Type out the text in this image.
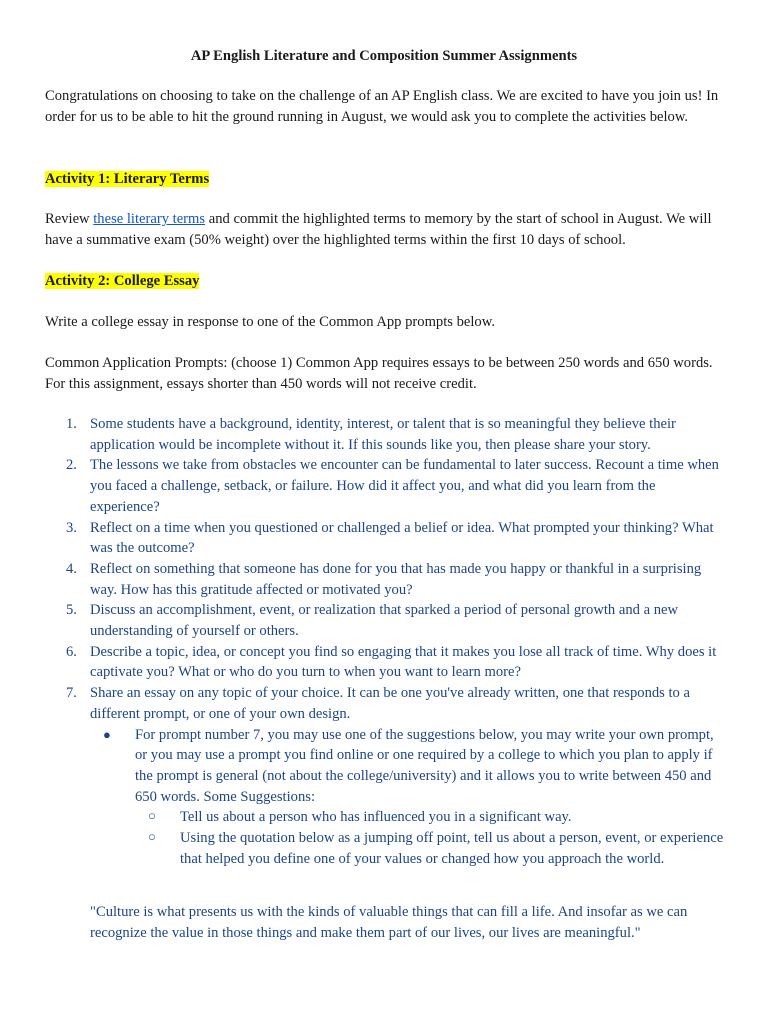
AP English Literature and Composition Summer Assignments

Congratulations on choosing to take on the challenge of an AP English class. We are excited to have you join us! In order for us to be able to hit the ground running in August, we would ask you to complete the activities below.

Activity 1: Literary Terms

Review these literary terms and commit the highlighted terms to memory by the start of school in August. We will have a summative exam (50% weight) over the highlighted terms within the first 10 days of school.

Activity 2: College Essay

Write a college essay in response to one of the Common App prompts below.

Common Application Prompts: (choose 1) Common App requires essays to be between 250 words and 650 words. For this assignment, essays shorter than 450 words will not receive credit.

1. Some students have a background, identity, interest, or talent that is so meaningful they believe their application would be incomplete without it. If this sounds like you, then please share your story.
2. The lessons we take from obstacles we encounter can be fundamental to later success. Recount a time when you faced a challenge, setback, or failure. How did it affect you, and what did you learn from the experience?
3. Reflect on a time when you questioned or challenged a belief or idea. What prompted your thinking? What was the outcome?
4. Reflect on something that someone has done for you that has made you happy or thankful in a surprising way. How has this gratitude affected or motivated you?
5. Discuss an accomplishment, event, or realization that sparked a period of personal growth and a new understanding of yourself or others.
6. Describe a topic, idea, or concept you find so engaging that it makes you lose all track of time. Why does it captivate you? What or who do you turn to when you want to learn more?
7. Share an essay on any topic of your choice. It can be one you've already written, one that responds to a different prompt, or one of your own design.
● For prompt number 7, you may use one of the suggestions below, you may write your own prompt, or you may use a prompt you find online or one required by a college to which you plan to apply if the prompt is general (not about the college/university) and it allows you to write between 450 and 650 words. Some Suggestions:
○ Tell us about a person who has influenced you in a significant way.
○ Using the quotation below as a jumping off point, tell us about a person, event, or experience that helped you define one of your values or changed how you approach the world.

"Culture is what presents us with the kinds of valuable things that can fill a life. And insofar as we can recognize the value in those things and make them part of our lives, our lives are meaningful."
